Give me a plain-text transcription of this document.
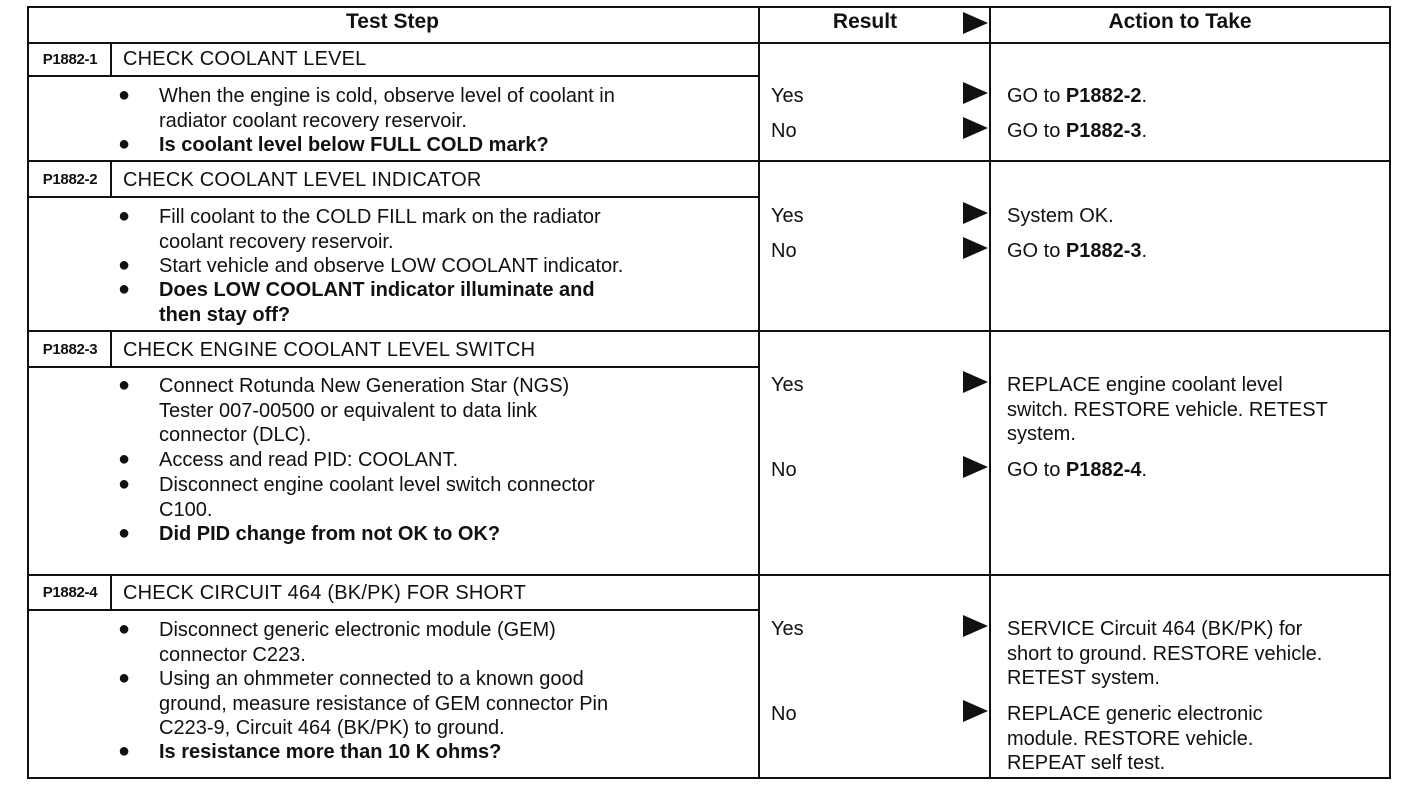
Test Step	Result	Action to Take
P1882-1	CHECK COOLANT LEVEL
●	When the engine is cold, observe level of coolant in
radiator coolant recovery reservoir.
●	Is coolant level below FULL COLD mark?
Yes	GO to P1882-2.
No	GO to P1882-3.
P1882-2	CHECK COOLANT LEVEL INDICATOR
●	Fill coolant to the COLD FILL mark on the radiator
coolant recovery reservoir.
●	Start vehicle and observe LOW COOLANT indicator.
●	Does LOW COOLANT indicator illuminate and
then stay off?
Yes	System OK.
No	GO to P1882-3.
P1882-3	CHECK ENGINE COOLANT LEVEL SWITCH
●	Connect Rotunda New Generation Star (NGS)
Tester 007-00500 or equivalent to data link
connector (DLC).
●	Access and read PID: COOLANT.
●	Disconnect engine coolant level switch connector
C100.
●	Did PID change from not OK to OK?
Yes	REPLACE engine coolant level
switch. RESTORE vehicle. RETEST
system.
No	GO to P1882-4.
P1882-4	CHECK CIRCUIT 464 (BK/PK) FOR SHORT
●	Disconnect generic electronic module (GEM)
connector C223.
●	Using an ohmmeter connected to a known good
ground, measure resistance of GEM connector Pin
C223-9, Circuit 464 (BK/PK) to ground.
●	Is resistance more than 10 K ohms?
Yes	SERVICE Circuit 464 (BK/PK) for
short to ground. RESTORE vehicle.
RETEST system.
No	REPLACE generic electronic
module. RESTORE vehicle.
REPEAT self test.
